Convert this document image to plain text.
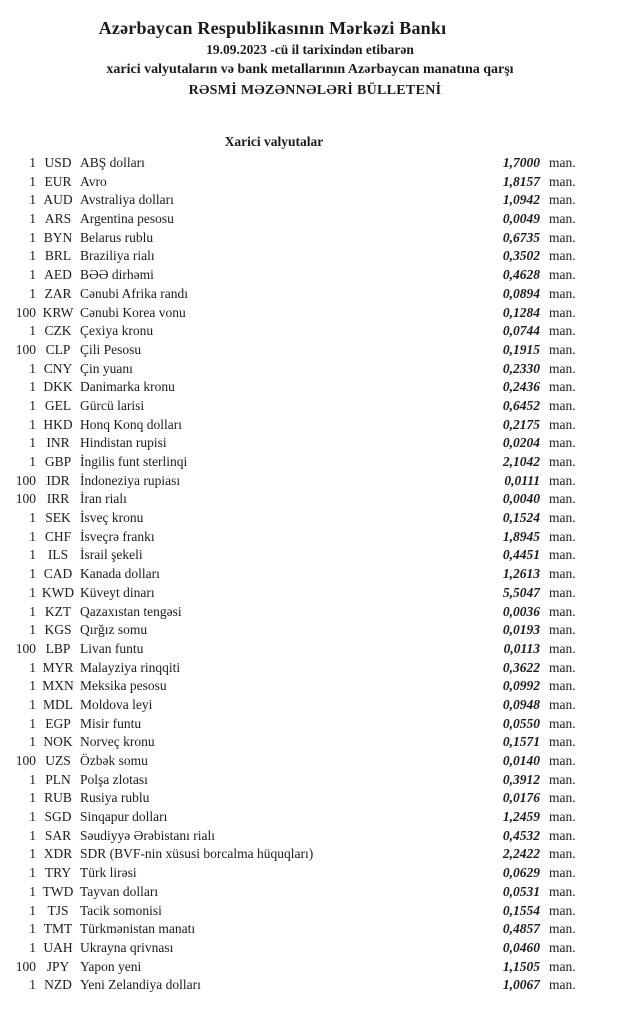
Azərbaycan Respublikasının Mərkəzi Bankı
19.09.2023 -cü il tarixindən etibarən
xarici valyutaların və bank metallarının Azərbaycan manatına qarşı
RƏSMİ MƏZƏNNƏLƏRİ BÜLLETENİ
Xarici valyutalar
1 USD ABŞ dolları	1,7000 man.
1 EUR Avro	1,8157 man.
1 AUD Avstraliya dolları	1,0942 man.
1 ARS Argentina pesosu	0,0049 man.
1 BYN Belarus rublu	0,6735 man.
1 BRL Braziliya rialı	0,3502 man.
1 AED BƏƏ dirhəmi	0,4628 man.
1 ZAR Cənubi Afrika randı	0,0894 man.
100 KRW Cənubi Korea vonu	0,1284 man.
1 CZK Çexiya kronu	0,0744 man.
100 CLP Çili Pesosu	0,1915 man.
1 CNY Çin yuanı	0,2330 man.
1 DKK Danimarka kronu	0,2436 man.
1 GEL Gürcü larisi	0,6452 man.
1 HKD Honq Konq dolları	0,2175 man.
1 INR Hindistan rupisi	0,0204 man.
1 GBP İngilis funt sterlinqi	2,1042 man.
100 IDR İndoneziya rupiası	0,0111 man.
100 IRR İran rialı	0,0040 man.
1 SEK İsveç kronu	0,1524 man.
1 CHF İsveçrə frankı	1,8945 man.
1 ILS İsrail şekeli	0,4451 man.
1 CAD Kanada dolları	1,2613 man.
1 KWD Küveyt dinarı	5,5047 man.
1 KZT Qazaxıstan tengəsi	0,0036 man.
1 KGS Qırğız somu	0,0193 man.
100 LBP Livan funtu	0,0113 man.
1 MYR Malayziya rinqqiti	0,3622 man.
1 MXN Meksika pesosu	0,0992 man.
1 MDL Moldova leyi	0,0948 man.
1 EGP Misir funtu	0,0550 man.
1 NOK Norveç kronu	0,1571 man.
100 UZS Özbək somu	0,0140 man.
1 PLN Polşa zlotası	0,3912 man.
1 RUB Rusiya rublu	0,0176 man.
1 SGD Sinqapur dolları	1,2459 man.
1 SAR Səudiyyə Ərəbistanı rialı	0,4532 man.
1 XDR SDR (BVF-nin xüsusi borcalma hüquqları)	2,2422 man.
1 TRY Türk lirəsi	0,0629 man.
1 TWD Tayvan dolları	0,0531 man.
1 TJS Tacik somonisi	0,1554 man.
1 TMT Türkmənistan manatı	0,4857 man.
1 UAH Ukrayna qrivnası	0,0460 man.
100 JPY Yapon yeni	1,1505 man.
1 NZD Yeni Zelandiya dolları	1,0067 man.
